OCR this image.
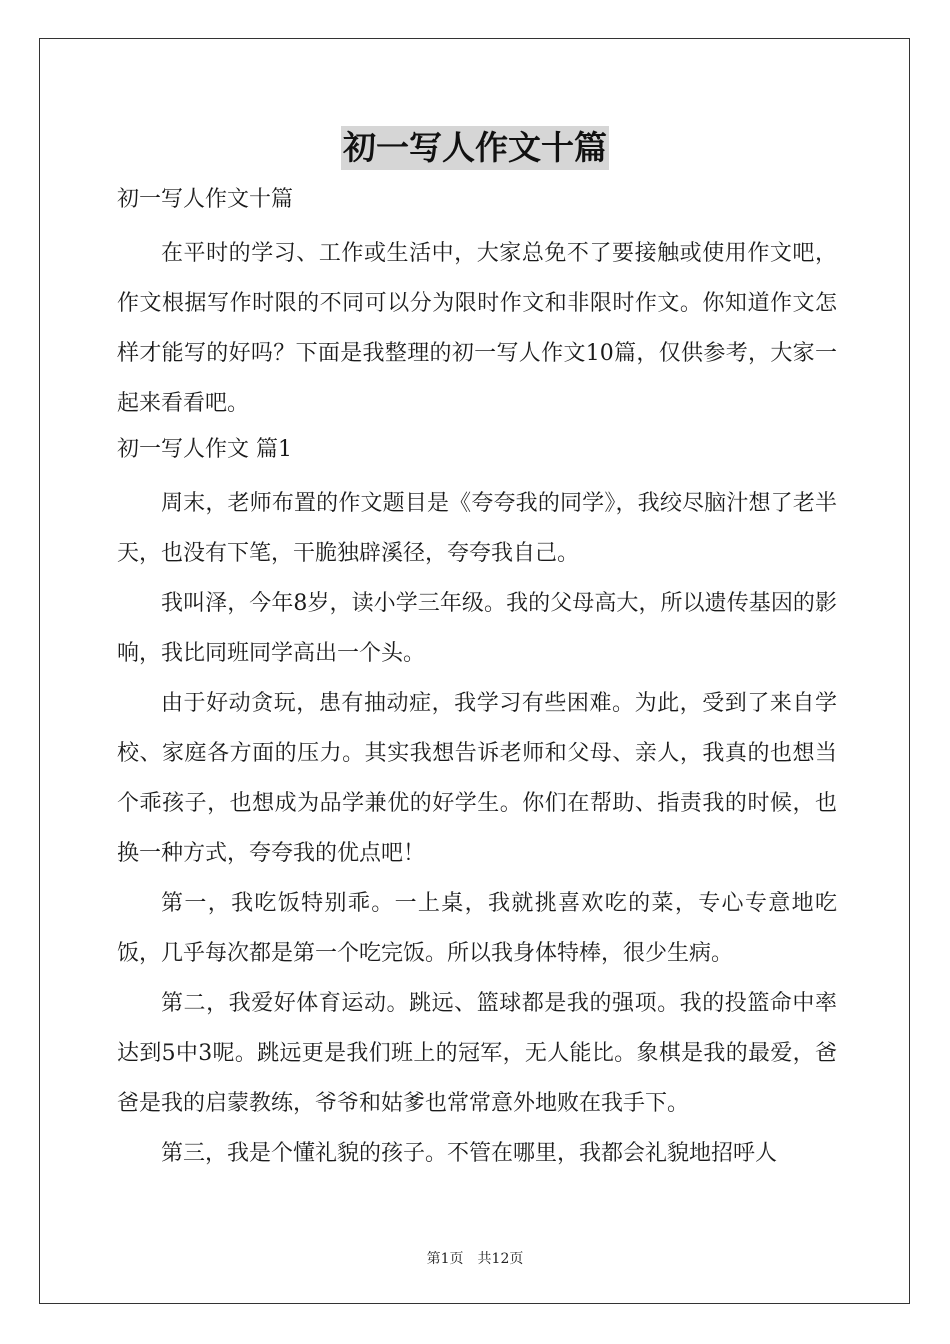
初一写人作文十篇
初一写人作文十篇

在平时的学习、工作或生活中，大家总免不了要接触或使用作文吧，作文根据写作时限的不同可以分为限时作文和非限时作文。你知道作文怎样才能写的好吗？下面是我整理的初一写人作文10篇，仅供参考，大家一起来看看吧。

初一写人作文 篇1

周末，老师布置的作文题目是《夸夸我的同学》，我绞尽脑汁想了老半天，也没有下笔，干脆独辟溪径，夸夸我自己。

我叫泽，今年8岁，读小学三年级。我的父母高大，所以遗传基因的影响，我比同班同学高出一个头。

由于好动贪玩，患有抽动症，我学习有些困难。为此，受到了来自学校、家庭各方面的压力。其实我想告诉老师和父母、亲人，我真的也想当个乖孩子，也想成为品学兼优的好学生。你们在帮助、指责我的时候，也换一种方式，夸夸我的优点吧！

第一，我吃饭特别乖。一上桌，我就挑喜欢吃的菜，专心专意地吃饭，几乎每次都是第一个吃完饭。所以我身体特棒，很少生病。

第二，我爱好体育运动。跳远、篮球都是我的强项。我的投篮命中率达到5中3呢。跳远更是我们班上的冠军，无人能比。象棋是我的最爱，爸爸是我的启蒙教练，爷爷和姑爹也常常意外地败在我手下。

第三，我是个懂礼貌的孩子。不管在哪里，我都会礼貌地招呼人

第1页 共12页
